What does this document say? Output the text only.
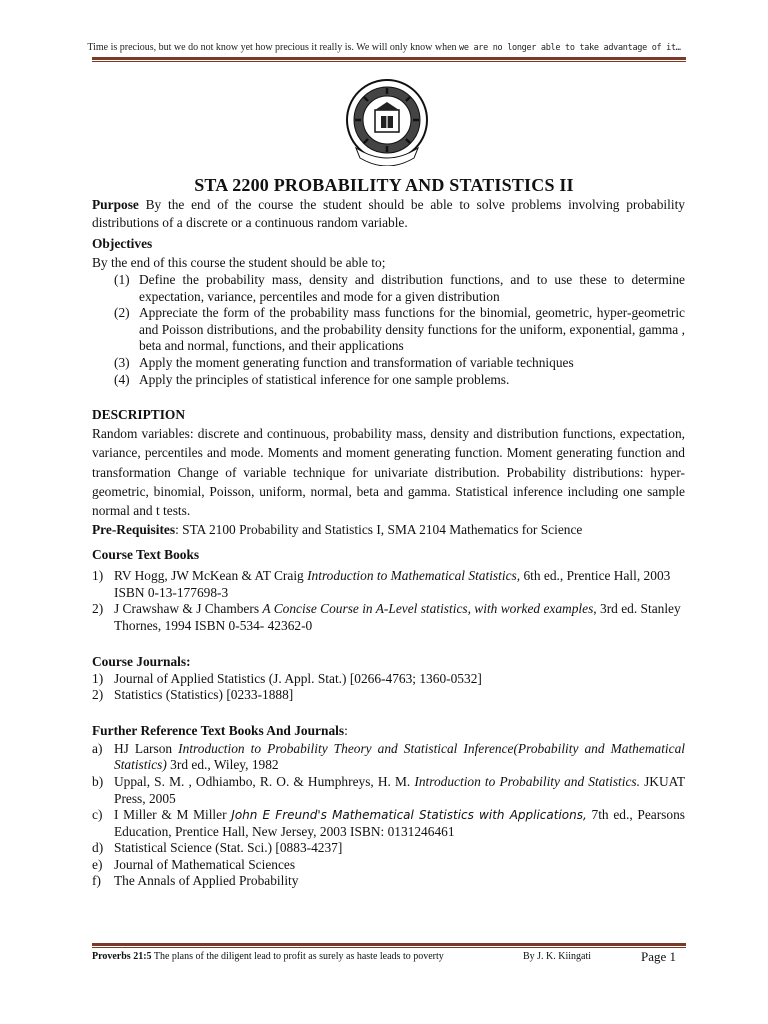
Time is precious, but we do not know yet how precious it really is. We will only know when we are no longer able to take advantage of it…
STA 2200 PROBABILITY AND STATISTICS II

Purpose By the end of the course the student should be able to solve problems involving probability distributions of a discrete or a continuous random variable.

Objectives

By the end of this course the student should be able to;

(1) Define the probability mass, density and distribution functions, and to use these to determine expectation, variance, percentiles and mode for a given distribution
(2) Appreciate the form of the probability mass functions for the binomial, geometric, hyper-geometric and Poisson distributions, and the probability density functions for the uniform, exponential, gamma , beta and normal, functions, and their applications
(3) Apply the moment generating function and transformation of variable techniques
(4) Apply the principles of statistical inference for one sample problems.

DESCRIPTION

Random variables: discrete and continuous, probability mass, density and distribution functions, expectation, variance, percentiles and mode. Moments and moment generating function. Moment generating function and transformation Change of variable technique for univariate distribution. Probability distributions: hyper-geometric, binomial, Poisson, uniform, normal, beta and gamma. Statistical inference including one sample normal and t tests.

Pre-Requisites: STA 2100 Probability and Statistics I, SMA 2104 Mathematics for Science

Course Text Books

1) RV Hogg, JW McKean & AT Craig Introduction to Mathematical Statistics, 6th ed., Prentice Hall, 2003 ISBN 0-13-177698-3
2) J Crawshaw & J Chambers A Concise Course in A-Level statistics, with worked examples, 3rd ed. Stanley Thornes, 1994 ISBN 0-534- 42362-0

Course Journals:

1) Journal of Applied Statistics (J. Appl. Stat.) [0266-4763; 1360-0532]
2) Statistics (Statistics) [0233-1888]

Further Reference Text Books And Journals:

a) HJ Larson Introduction to Probability Theory and Statistical Inference(Probability and Mathematical Statistics) 3rd ed., Wiley, 1982
b) Uppal, S. M. , Odhiambo, R. O. & Humphreys, H. M. Introduction to Probability and Statistics. JKUAT Press, 2005
c) I Miller & M Miller John E Freund's Mathematical Statistics with Applications, 7th ed., Pearsons Education, Prentice Hall, New Jersey, 2003 ISBN: 0131246461
d) Statistical Science (Stat. Sci.) [0883-4237]
e) Journal of Mathematical Sciences
f) The Annals of Applied Probability
Proverbs 21:5 The plans of the diligent lead to profit as surely as haste leads to poverty	By J. K. Kiingati	Page 1
